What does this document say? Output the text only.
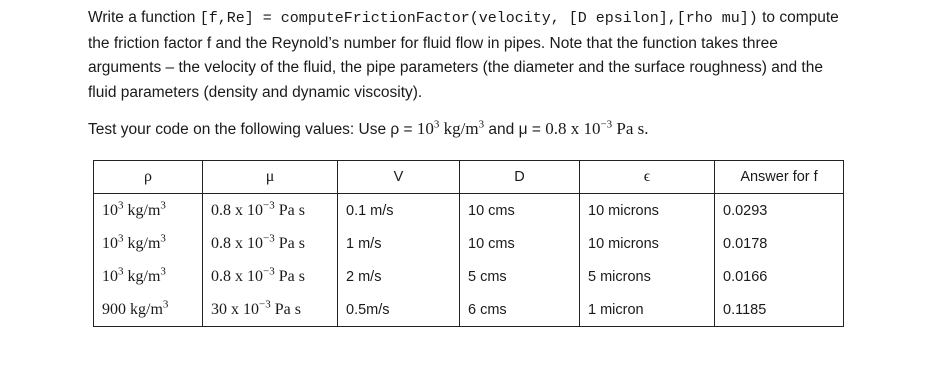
Write a function [f,Re] = computeFrictionFactor(velocity, [D epsilon],[rho mu]) to compute the friction factor f and the Reynold’s number for fluid flow in pipes. Note that the function takes three arguments – the velocity of the fluid, the pipe parameters (the diameter and the surface roughness) and the fluid parameters (density and dynamic viscosity).
Test your code on the following values: Use $\rho = 10^3$ $kg/m^3$ and μ = 0.8 x $10^{-3}$ Pa s.
ρ	μ	V	D	ϵ	Answer for f
$10^3$ $kg/m^3$	0.8 x $10^{-3}$ Pa s	0.1 m/s	10 cms	10 microns	0.0293
$10^3$ $kg/m^3$	0.8 x $10^{-3}$ Pa s	1 m/s	10 cms	10 microns	0.0178
$10^3$ $kg/m^3$	0.8 x $10^{-3}$ Pa s	2 m/s	5 cms	5 microns	0.0166
900 $kg/m^3$	30 x $10^{-3}$ Pa s	0.5m/s	6 cms	1 micron	0.1185
